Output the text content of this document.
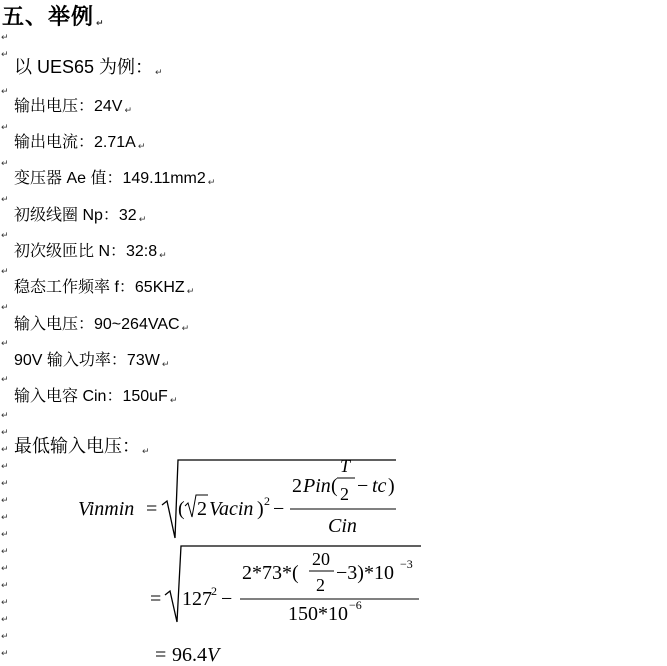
↵
↵
↵
↵
↵
↵
↵
↵
↵
↵
↵
↵
↵
↵
↵
↵
↵
↵
↵
↵
↵
↵
↵
↵
↵
↵
五、举例 ↵
以 UES65 为例： ↵
输出电压：24V ↵
输出电流：2.71A ↵
变压器 Ae 值：149.11mm2 ↵
初级线圈 Np：32 ↵
初次级匝比 N：32:8 ↵
稳态工作频率 f：65KHZ ↵
输入电压：90~264VAC ↵
90V 输入功率：73W ↵
输入电容 Cin：150uF ↵
最低输入电压： ↵
Vinmin = ( 2 Vacin ) 2 −
2 Pin (
T
2 − tc )
Cin
= 127 2 −
2*73*(
20
2
−3)*10 −3
150*10 −6
= 96.4 V
